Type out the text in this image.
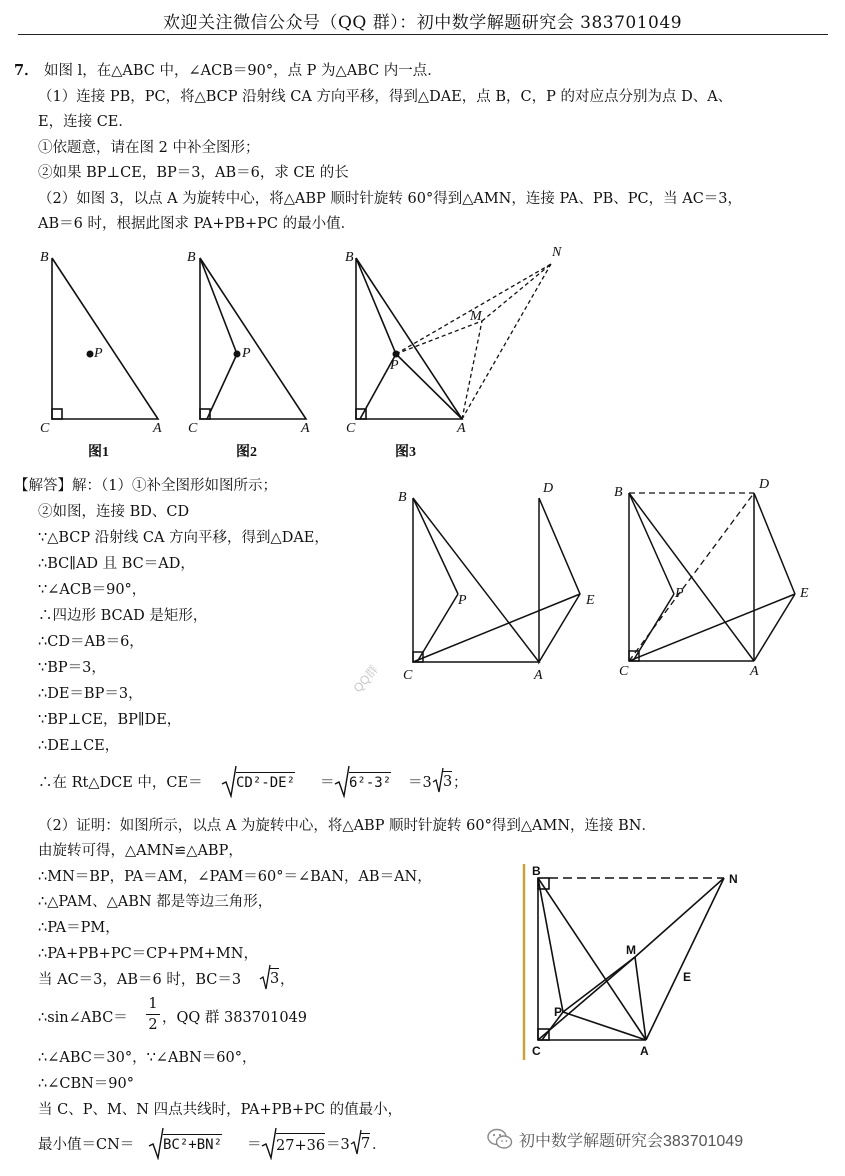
欢迎关注微信公众号（QQ 群）：初中数学解题研究会 383701049
7． 如图 l，在△ABC 中，∠ACB＝90°，点 P 为△ABC 内一点．
（1）连接 PB，PC，将△BCP 沿射线 CA 方向平移，得到△DAE，点 B，C，P 的对应点分别为点 D、A、
E，连接 CE．
①依题意，请在图 2 中补全图形；
②如果 BP⊥CE，BP＝3，AB＝6，求 CE 的长
（2）如图 3，以点 A 为旋转中心，将△ABP 顺时针旋转 60°得到△AMN，连接 PA、PB、PC，当 AC＝3，
AB＝6 时，根据此图求 PA+PB+PC 的最小值．
B
C	A
P
B
C	A
P
B
C	A
P
M
N
图1	图2	图3
【解答】解：（1）①补全图形如图所示；
②如图，连接 BD、CD
∵△BCP 沿射线 CA 方向平移，得到△DAE，
∴BC∥AD 且 BC＝AD，
∵∠ACB＝90°，
∴四边形 BCAD 是矩形，
∴CD＝AB＝6，
∵BP＝3，
∴DE＝BP＝3，
∵BP⊥CE，BP∥DE，
∴DE⊥CE，
∴在 Rt△DCE 中，CE＝ CD²-DE² ＝ 6²-3² ＝3 3 ；
B
D
P	E
C	A
B
D
P	E
C	A
QQ群
（2）证明：如图所示，以点 A 为旋转中心，将△ABP 顺时针旋转 60°得到△AMN，连接 BN．
由旋转可得，△AMN≌△ABP，
∴MN＝BP，PA＝AM，∠PAM＝60°＝∠BAN，AB＝AN，
∴△PAM、△ABN 都是等边三角形，
∴PA＝PM，
∴PA+PB+PC＝CP+PM+MN，
当 AC＝3，AB＝6 时，BC＝3 3 ，
∴sin∠ABC＝
1
2 ，QQ 群 383701049
∴∠ABC＝30°，∵∠ABN＝60°，
∴∠CBN＝90°
当 C、P、M、N 四点共线时，PA+PB+PC 的值最小，
最小值＝CN＝ BC²+BN² ＝ 27+36 ＝3 7 ．
B
N
M
E
P
C	A
初中数学解题研究会383701049
